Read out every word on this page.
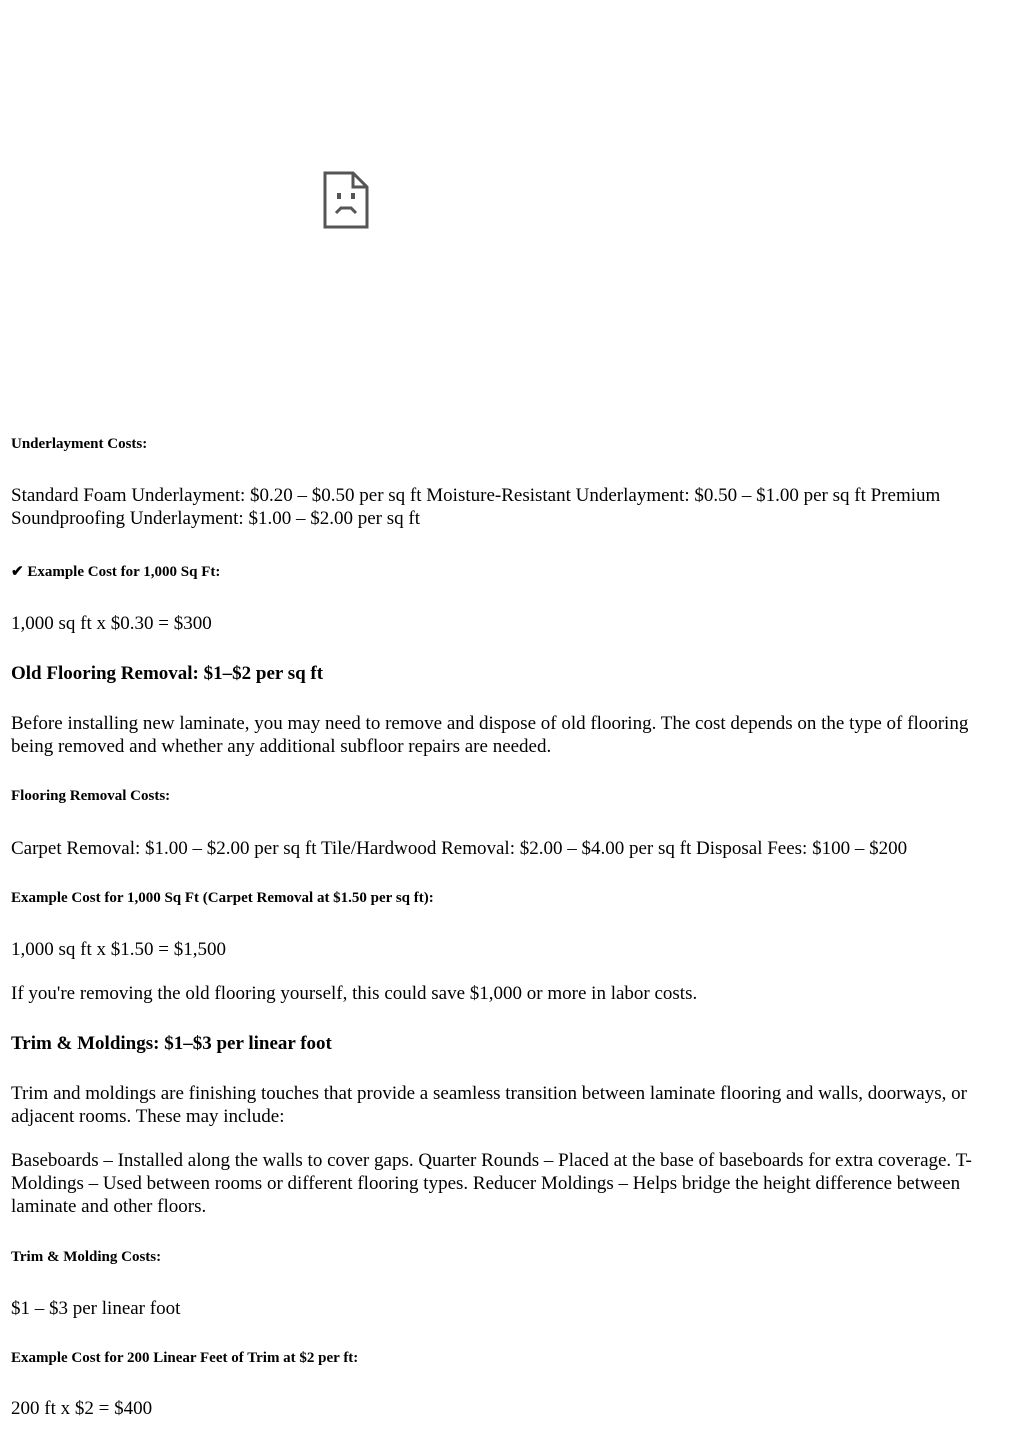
Underlayment Costs:

Standard Foam Underlayment: $0.20 – $0.50 per sq ft Moisture-Resistant Underlayment: $0.50 – $1.00 per sq ft Premium Soundproofing Underlayment: $1.00 – $2.00 per sq ft

✔ Example Cost for 1,000 Sq Ft:

1,000 sq ft x $0.30 = $300

Old Flooring Removal: $1–$2 per sq ft

Before installing new laminate, you may need to remove and dispose of old flooring. The cost depends on the type of flooring being removed and whether any additional subfloor repairs are needed.

Flooring Removal Costs:

Carpet Removal: $1.00 – $2.00 per sq ft Tile/Hardwood Removal: $2.00 – $4.00 per sq ft Disposal Fees: $100 – $200

Example Cost for 1,000 Sq Ft (Carpet Removal at $1.50 per sq ft):

1,000 sq ft x $1.50 = $1,500

If you're removing the old flooring yourself, this could save $1,000 or more in labor costs.

Trim & Moldings: $1–$3 per linear foot

Trim and moldings are finishing touches that provide a seamless transition between laminate flooring and walls, doorways, or adjacent rooms. These may include:

Baseboards – Installed along the walls to cover gaps. Quarter Rounds – Placed at the base of baseboards for extra coverage. T-Moldings – Used between rooms or different flooring types. Reducer Moldings – Helps bridge the height difference between laminate and other floors.

Trim & Molding Costs:

$1 – $3 per linear foot

Example Cost for 200 Linear Feet of Trim at $2 per ft:

200 ft x $2 = $400
